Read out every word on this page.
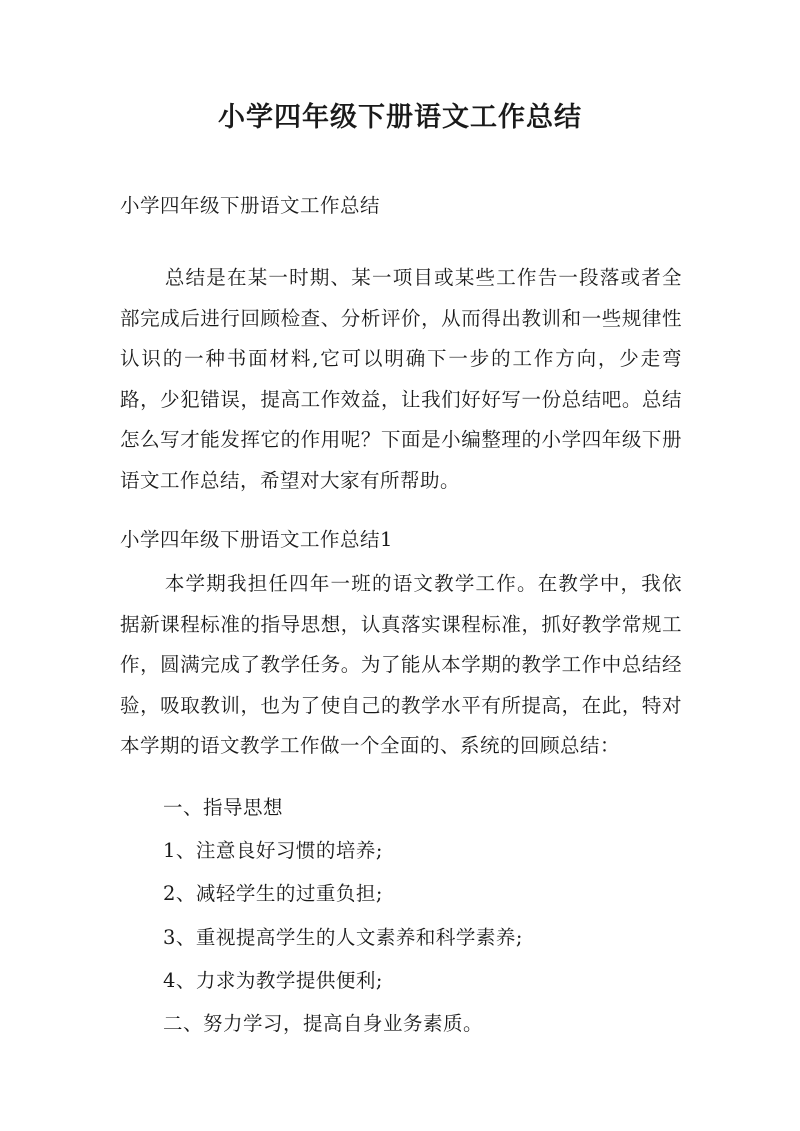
小学四年级下册语文工作总结
小学四年级下册语文工作总结

总结是在某一时期、某一项目或某些工作告一段落或者全部完成后进行回顾检查、分析评价，从而得出教训和一些规律性认识的一种书面材料,它可以明确下一步的工作方向，少走弯路，少犯错误，提高工作效益，让我们好好写一份总结吧。总结怎么写才能发挥它的作用呢？下面是小编整理的小学四年级下册语文工作总结，希望对大家有所帮助。

小学四年级下册语文工作总结1

本学期我担任四年一班的语文教学工作。在教学中，我依据新课程标准的指导思想，认真落实课程标准，抓好教学常规工作，圆满完成了教学任务。为了能从本学期的教学工作中总结经验，吸取教训，也为了使自己的教学水平有所提高，在此，特对本学期的语文教学工作做一个全面的、系统的回顾总结：

一、指导思想
1、注意良好习惯的培养;
2、减轻学生的过重负担;
3、重视提高学生的人文素养和科学素养;
4、力求为教学提供便利;
二、努力学习，提高自身业务素质。
